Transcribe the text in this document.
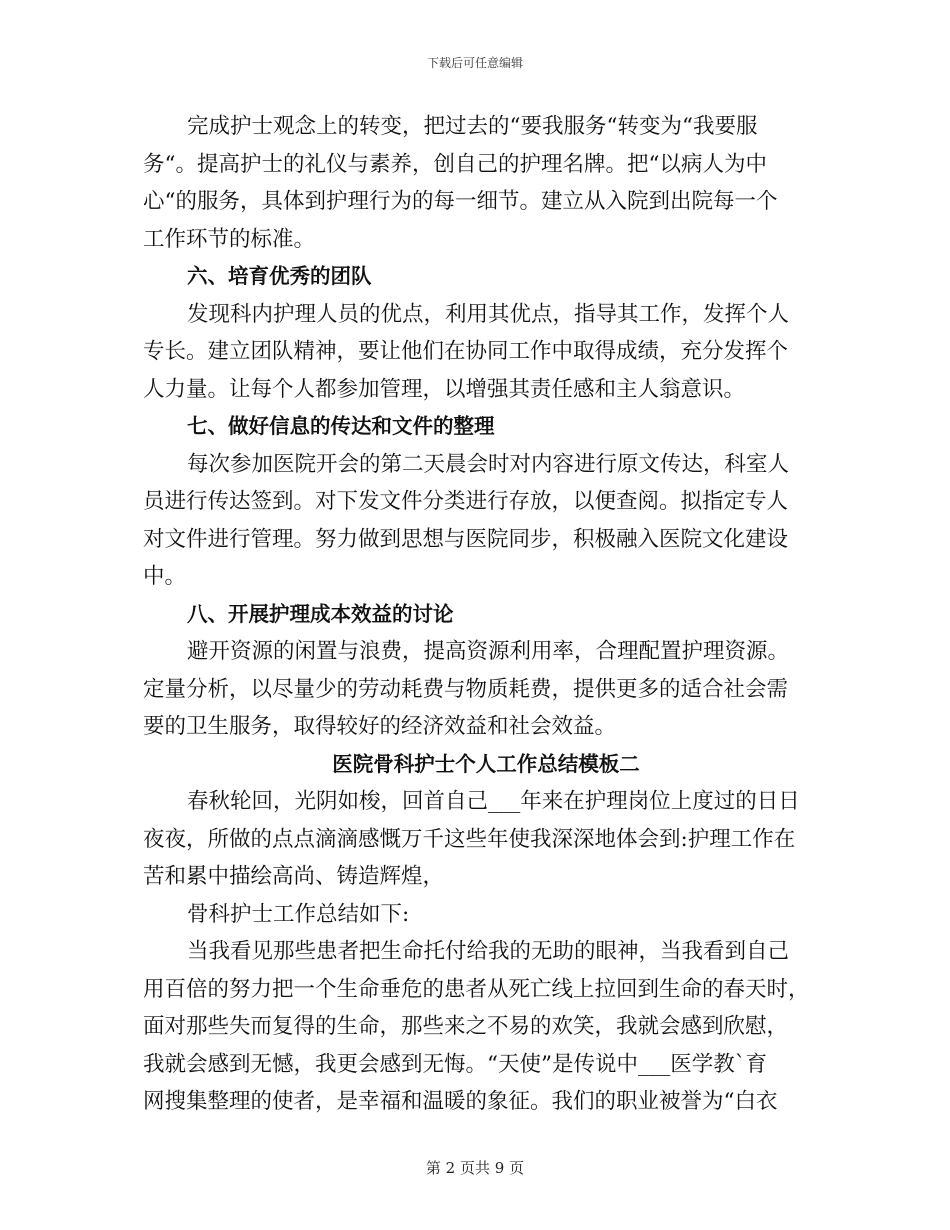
下载后可任意编辑
完成护士观念上的转变，把过去的“要我服务“转变为“我要服
务“。提高护士的礼仪与素养，创自己的护理名牌。把“以病人为中
心“的服务，具体到护理行为的每一细节。建立从入院到出院每一个
工作环节的标准。
六、培育优秀的团队
发现科内护理人员的优点，利用其优点，指导其工作，发挥个人
专长。建立团队精神，要让他们在协同工作中取得成绩，充分发挥个
人力量。让每个人都参加管理，以增强其责任感和主人翁意识。
七、做好信息的传达和文件的整理
每次参加医院开会的第二天晨会时对内容进行原文传达，科室人
员进行传达签到。对下发文件分类进行存放，以便查阅。拟指定专人
对文件进行管理。努力做到思想与医院同步，积极融入医院文化建设
中。
八、开展护理成本效益的讨论
避开资源的闲置与浪费，提高资源利用率，合理配置护理资源。
定量分析，以尽量少的劳动耗费与物质耗费，提供更多的适合社会需
要的卫生服务，取得较好的经济效益和社会效益。
医院骨科护士个人工作总结模板二
春秋轮回，光阴如梭，回首自己___年来在护理岗位上度过的日日
夜夜，所做的点点滴滴感慨万千这些年使我深深地体会到:护理工作在
苦和累中描绘高尚、铸造辉煌，
骨科护士工作总结如下:
当我看见那些患者把生命托付给我的无助的眼神，当我看到自己
用百倍的努力把一个生命垂危的患者从死亡线上拉回到生命的春天时，
面对那些失而复得的生命，那些来之不易的欢笑，我就会感到欣慰，
我就会感到无憾，我更会感到无悔。“天使”是传说中___医学教`育
网搜集整理的使者，是幸福和温暖的象征。我们的职业被誉为“白衣
第 2 页共 9 页
